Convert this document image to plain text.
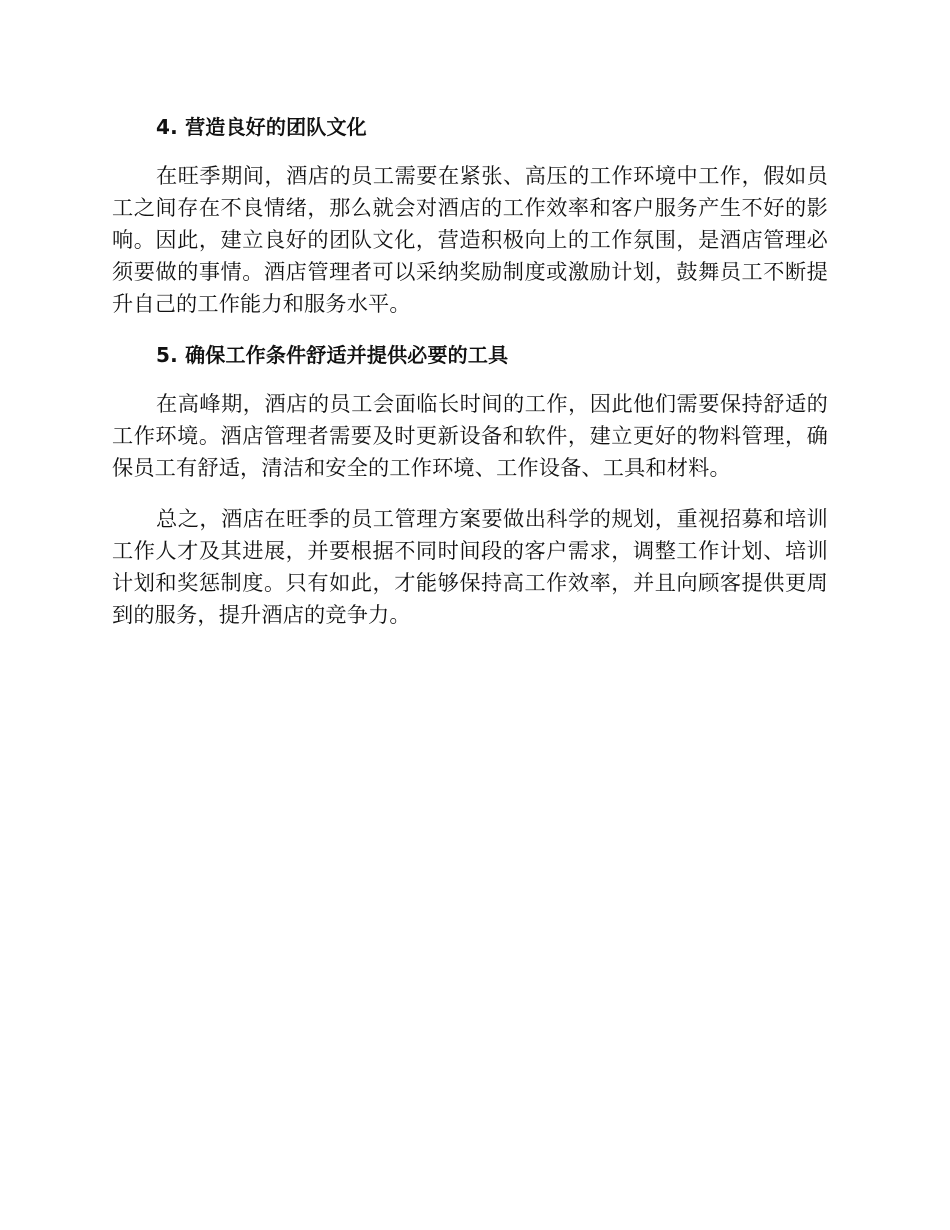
4. 营造良好的团队文化

在旺季期间，酒店的员工需要在紧张、高压的工作环境中工作，假如员工之间存在不良情绪，那么就会对酒店的工作效率和客户服务产生不好的影响。因此，建立良好的团队文化，营造积极向上的工作氛围，是酒店管理必须要做的事情。酒店管理者可以采纳奖励制度或激励计划，鼓舞员工不断提升自己的工作能力和服务水平。

5. 确保工作条件舒适并提供必要的工具

在高峰期，酒店的员工会面临长时间的工作，因此他们需要保持舒适的工作环境。酒店管理者需要及时更新设备和软件，建立更好的物料管理，确保员工有舒适，清洁和安全的工作环境、工作设备、工具和材料。

总之，酒店在旺季的员工管理方案要做出科学的规划，重视招募和培训工作人才及其进展，并要根据不同时间段的客户需求，调整工作计划、培训计划和奖惩制度。只有如此，才能够保持高工作效率，并且向顾客提供更周到的服务，提升酒店的竞争力。
